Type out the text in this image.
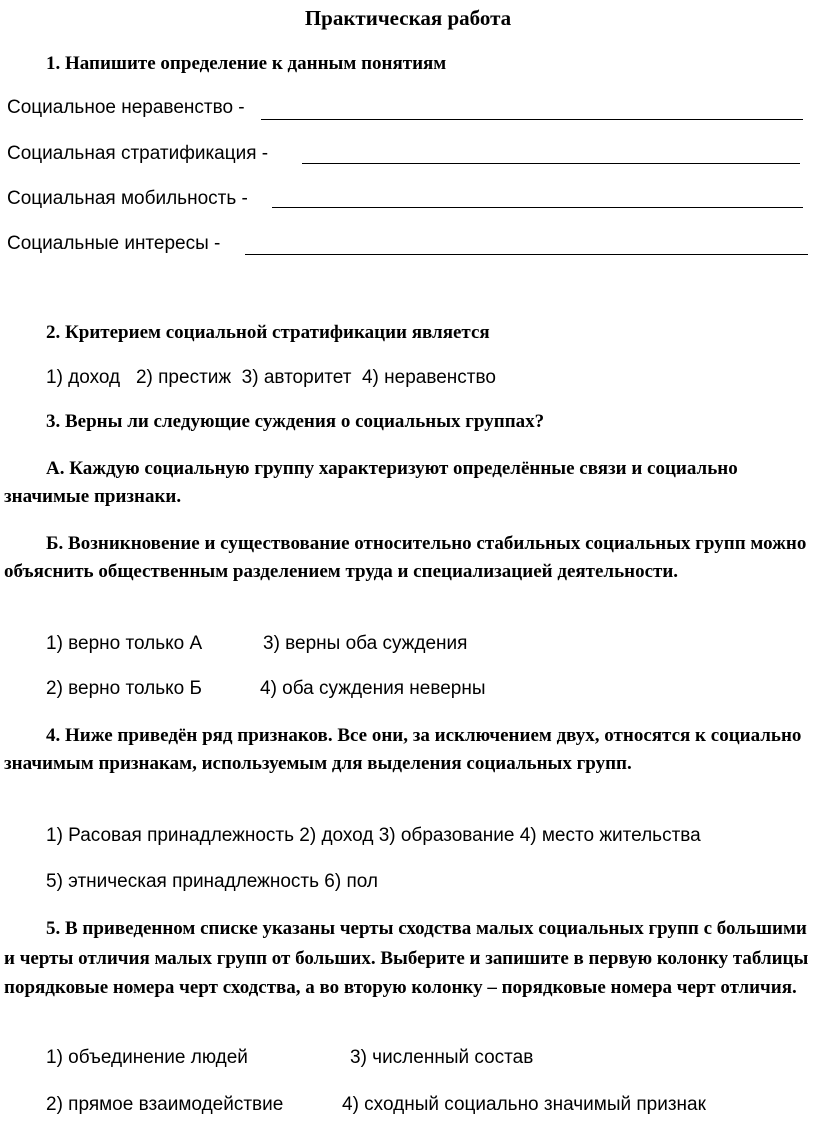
Практическая работа
1. Напишите определение к данным понятиям
Социальное неравенство -
Социальная стратификация -
Социальная мобильность -
Социальные интересы -
2. Критерием социальной стратификации является
1) доход   2) престиж  3) авторитет  4) неравенство
3. Верны ли следующие суждения о социальных группах?
А. Каждую социальную группу характеризуют определённые связи и социально значимые признаки.
Б. Возникновение и существование относительно стабильных социальных групп можно объяснить общественным разделением труда и специализацией деятельности.
1) верно только А	3) верны оба суждения
2) верно только Б	4) оба суждения неверны
4. Ниже приведён ряд признаков. Все они, за исключением двух, относятся к социально значимым признакам, используемым для выделения социальных групп.
1) Расовая принадлежность 2) доход 3) образование 4) место жительства
5) этническая принадлежность 6) пол
5. В приведенном списке указаны черты сходства малых социальных групп с большими и черты отличия малых групп от больших. Выберите и запишите в первую колонку таблицы порядковые номера черт сходства, а во вторую колонку – порядковые номера черт отличия.
1) объединение людей	3) численный состав
2) прямое взаимодействие	4) сходный социально значимый признак
